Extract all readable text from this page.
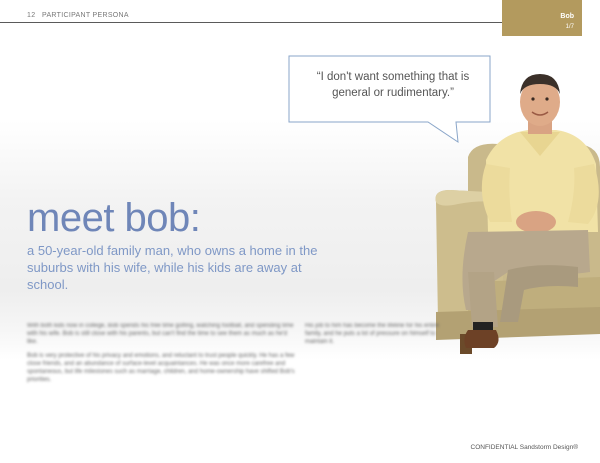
12 PARTICIPANT PERSONA	Bob
1/7
“I don't want something that is general or rudimentary.”
meet bob:
a 50-year-old family man, who owns a home in the suburbs with his wife, while his kids are away at school.

With both kids now in college, Bob spends his free time golfing, watching football, and spending time with his wife. Bob is still close with his parents, but can't find the time to see them as much as he'd like.

Bob is very protective of his privacy and emotions, and reluctant to trust people quickly. He has a few close friends, and an abundance of surface-level acquaintances. He was once more carefree and spontaneous, but life milestones such as marriage, children, and home-ownership have shifted Bob's priorities.

His job to him has become the lifeline for his entire family, and he puts a lot of pressure on himself to maintain it.
CONFIDENTIAL Sandstorm Design®
